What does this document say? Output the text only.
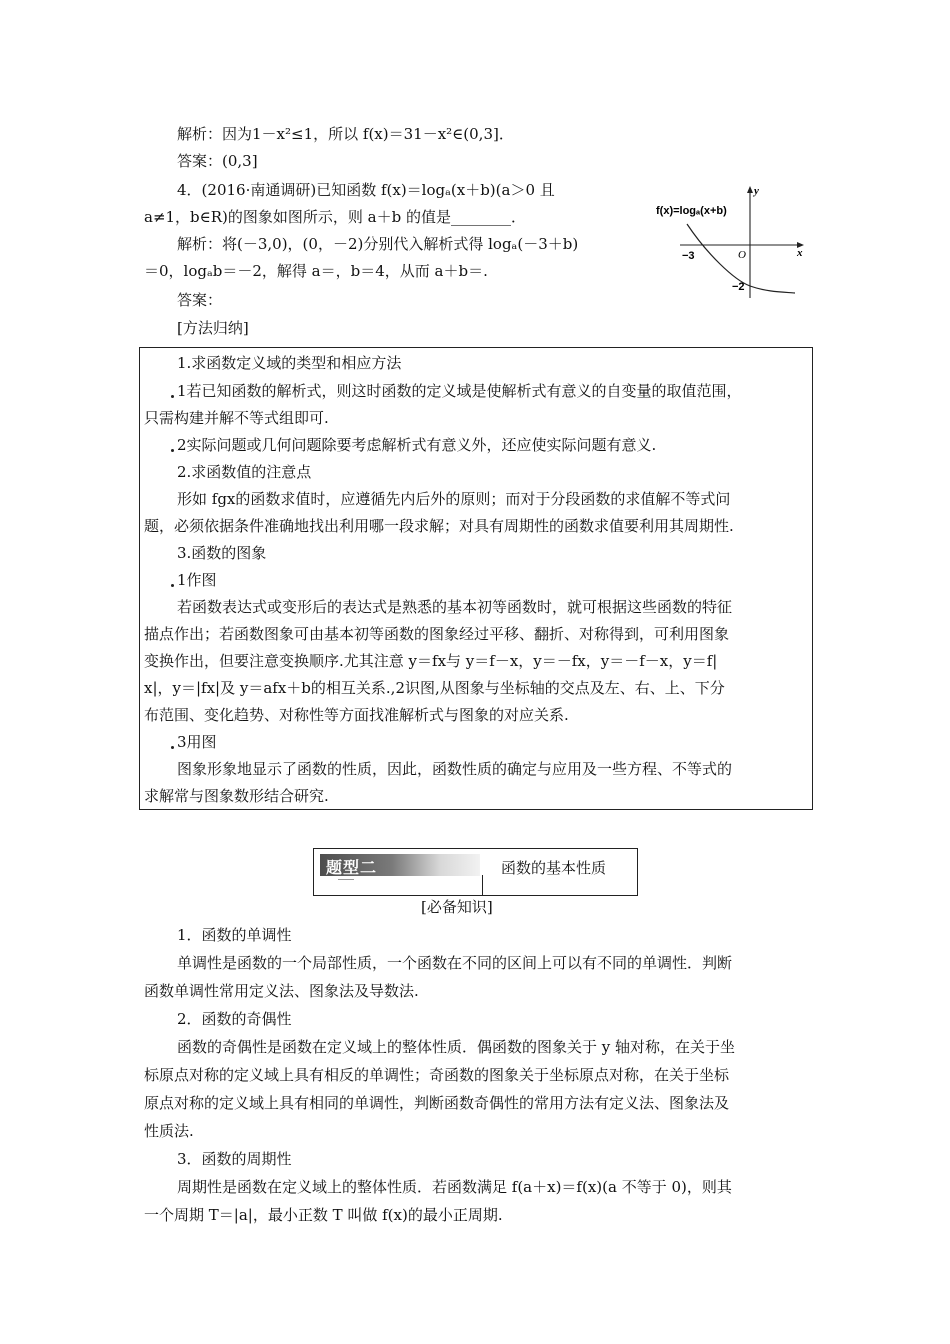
解析：因为1－x²≤1，所以 f(x)＝31－x²∈(0,3]．
答案：(0,3]
4．(2016·南通调研)已知函数 f(x)＝logₐ(x＋b)(a＞0 且
a≠1，b∈R)的图象如图所示，则 a＋b 的值是________．
解析：将(－3,0)，(0，－2)分别代入解析式得 logₐ(－3＋b)
＝0，logₐb＝－2，解得 a＝，b＝4，从而 a＋b＝.
答案：
[方法归纳]
f(x)=logₐ(x+b)
y
x
O
−3
−2
1.求函数定义域的类型和相应方法
1若已知函数的解析式，则这时函数的定义域是使解析式有意义的自变量的取值范围，
只需构建并解不等式组即可.
2实际问题或几何问题除要考虑解析式有意义外，还应使实际问题有意义.
2.求函数值的注意点
形如 fgx的函数求值时，应遵循先内后外的原则；而对于分段函数的求值解不等式问
题，必须依据条件准确地找出利用哪一段求解；对具有周期性的函数求值要利用其周期性.
3.函数的图象
1作图
若函数表达式或变形后的表达式是熟悉的基本初等函数时，就可根据这些函数的特征
描点作出；若函数图象可由基本初等函数的图象经过平移、翻折、对称得到，可利用图象
变换作出，但要注意变换顺序.尤其注意 y＝fx与 y＝f－x，y＝－fx，y＝－f－x，y＝f|
x|，y＝|fx|及 y＝afx＋b的相互关系.,2识图,从图象与坐标轴的交点及左、右、上、下分
布范围、变化趋势、对称性等方面找准解析式与图象的对应关系.
3用图
图象形象地显示了函数的性质，因此，函数性质的确定与应用及一些方程、不等式的
求解常与图象数形结合研究.
题型二	函数的基本性质
[必备知识]
1．函数的单调性
单调性是函数的一个局部性质，一个函数在不同的区间上可以有不同的单调性．判断
函数单调性常用定义法、图象法及导数法.
2．函数的奇偶性
函数的奇偶性是函数在定义域上的整体性质．偶函数的图象关于 y 轴对称，在关于坐
标原点对称的定义域上具有相反的单调性；奇函数的图象关于坐标原点对称，在关于坐标
原点对称的定义域上具有相同的单调性，判断函数奇偶性的常用方法有定义法、图象法及
性质法.
3．函数的周期性
周期性是函数在定义域上的整体性质．若函数满足 f(a＋x)＝f(x)(a 不等于 0)，则其
一个周期 T＝|a|，最小正数 T 叫做 f(x)的最小正周期.
